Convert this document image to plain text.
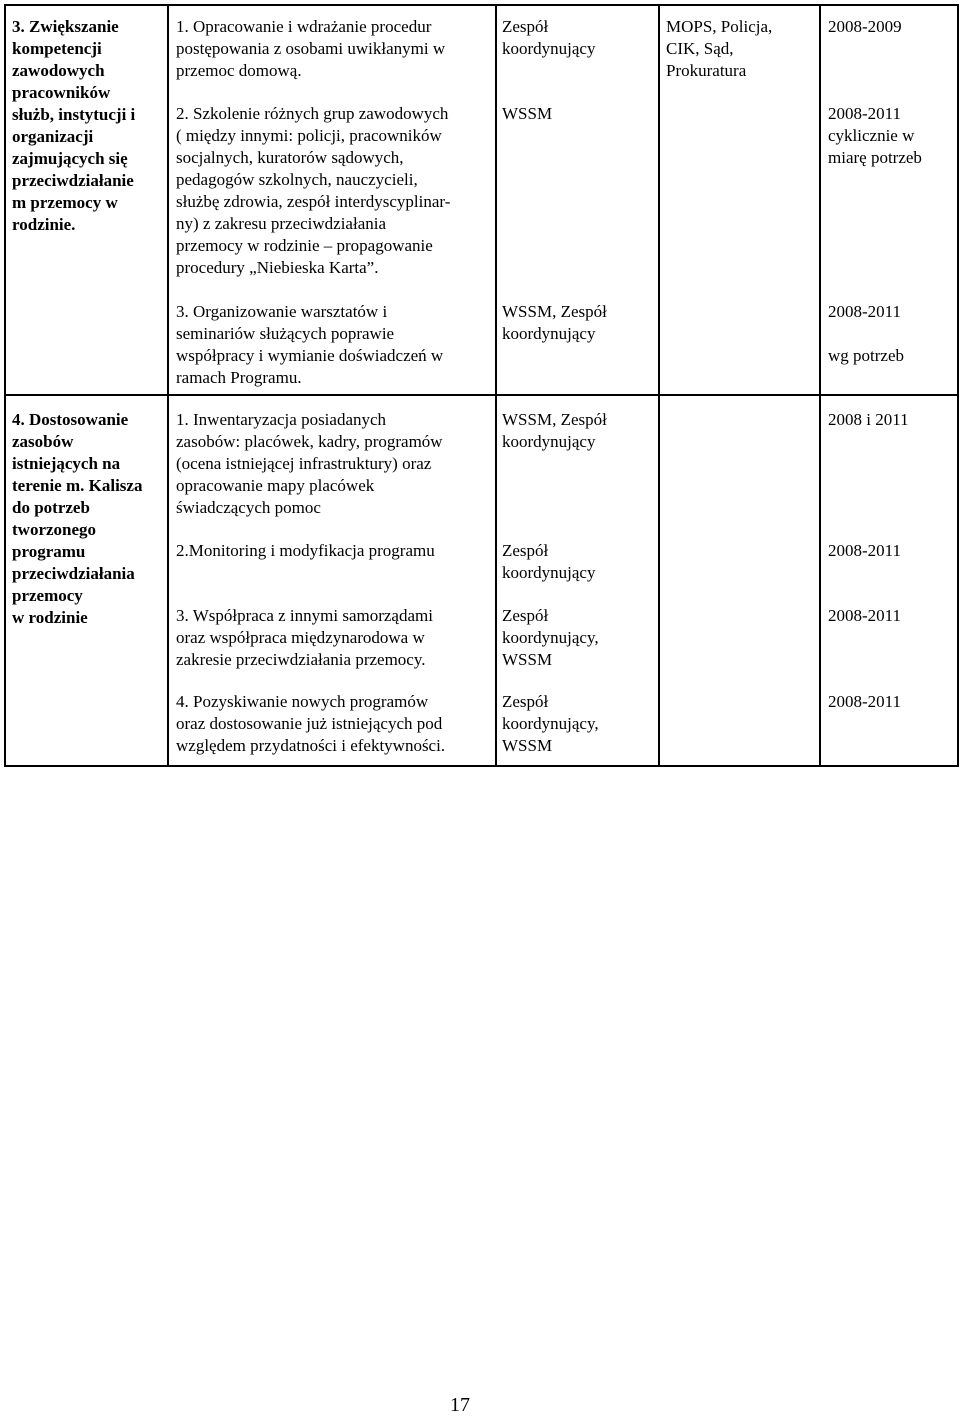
3. Zwiększanie
kompetencji
zawodowych
pracowników
służb, instytucji i
organizacji
zajmujących się
przeciwdziałanie
m przemocy w
rodzinie.
1. Opracowanie i wdrażanie procedur
postępowania z osobami uwikłanymi w
przemoc domową.
Zespół
koordynujący
MOPS, Policja,
CIK, Sąd,
Prokuratura
2008-2009
2. Szkolenie różnych grup zawodowych
( między innymi: policji, pracowników
socjalnych, kuratorów sądowych,
pedagogów szkolnych, nauczycieli,
służbę zdrowia, zespół interdyscyplinar-
ny) z zakresu przeciwdziałania
przemocy w rodzinie – propagowanie
procedury „Niebieska Karta”.
WSSM	2008-2011
cyklicznie w
miarę potrzeb
3. Organizowanie warsztatów i
seminariów służących poprawie
współpracy i wymianie doświadczeń w
ramach Programu.
WSSM, Zespół
koordynujący
2008-2011

wg potrzeb
4. Dostosowanie
zasobów
istniejących na
terenie m. Kalisza
do potrzeb
tworzonego
programu
przeciwdziałania
przemocy
w rodzinie
1. Inwentaryzacja posiadanych
zasobów: placówek, kadry, programów
(ocena istniejącej infrastruktury) oraz
opracowanie mapy placówek
świadczących pomoc
WSSM, Zespół
koordynujący
2008 i 2011
2.Monitoring i modyfikacja programu	Zespół
koordynujący
2008-2011
3. Współpraca z innymi samorządami
oraz współpraca międzynarodowa w
zakresie przeciwdziałania przemocy.
Zespół
koordynujący,
WSSM
2008-2011
4. Pozyskiwanie nowych programów
oraz dostosowanie już istniejących pod
względem przydatności i efektywności.
Zespół
koordynujący,
WSSM
2008-2011
17
